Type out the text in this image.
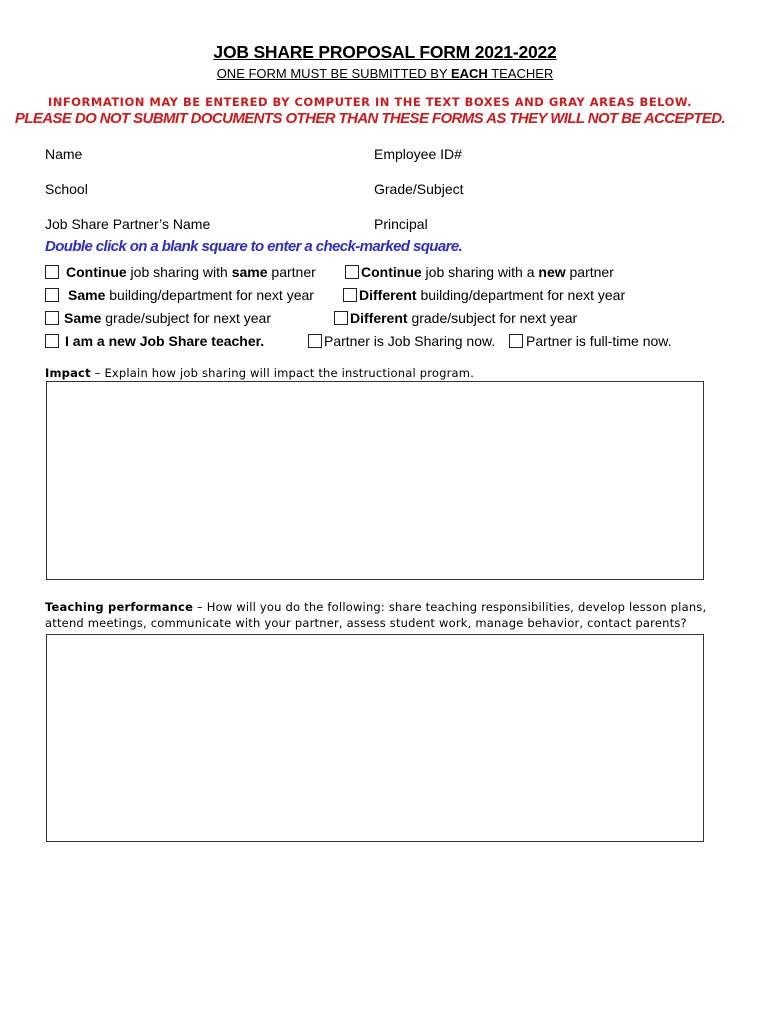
JOB SHARE PROPOSAL FORM 2021-2022
ONE FORM MUST BE SUBMITTED BY EACH TEACHER
INFORMATION MAY BE ENTERED BY COMPUTER IN THE TEXT BOXES AND GRAY AREAS BELOW.
PLEASE DO NOT SUBMIT DOCUMENTS OTHER THAN THESE FORMS AS THEY WILL NOT BE ACCEPTED.
Name	Employee ID#
School	Grade/Subject
Job Share Partner’s Name	Principal
Double click on a blank square to enter a check-marked square.
Continue job sharing with same partner	Continue job sharing with a new partner
Same building/department for next year	Different building/department for next year
Same grade/subject for next year	Different grade/subject for next year
I am a new Job Share teacher.	Partner is Job Sharing now. Partner is full-time now.
Impact – Explain how job sharing will impact the instructional program.
Teaching performance – How will you do the following: share teaching responsibilities, develop lesson plans,
attend meetings, communicate with your partner, assess student work, manage behavior, contact parents?
